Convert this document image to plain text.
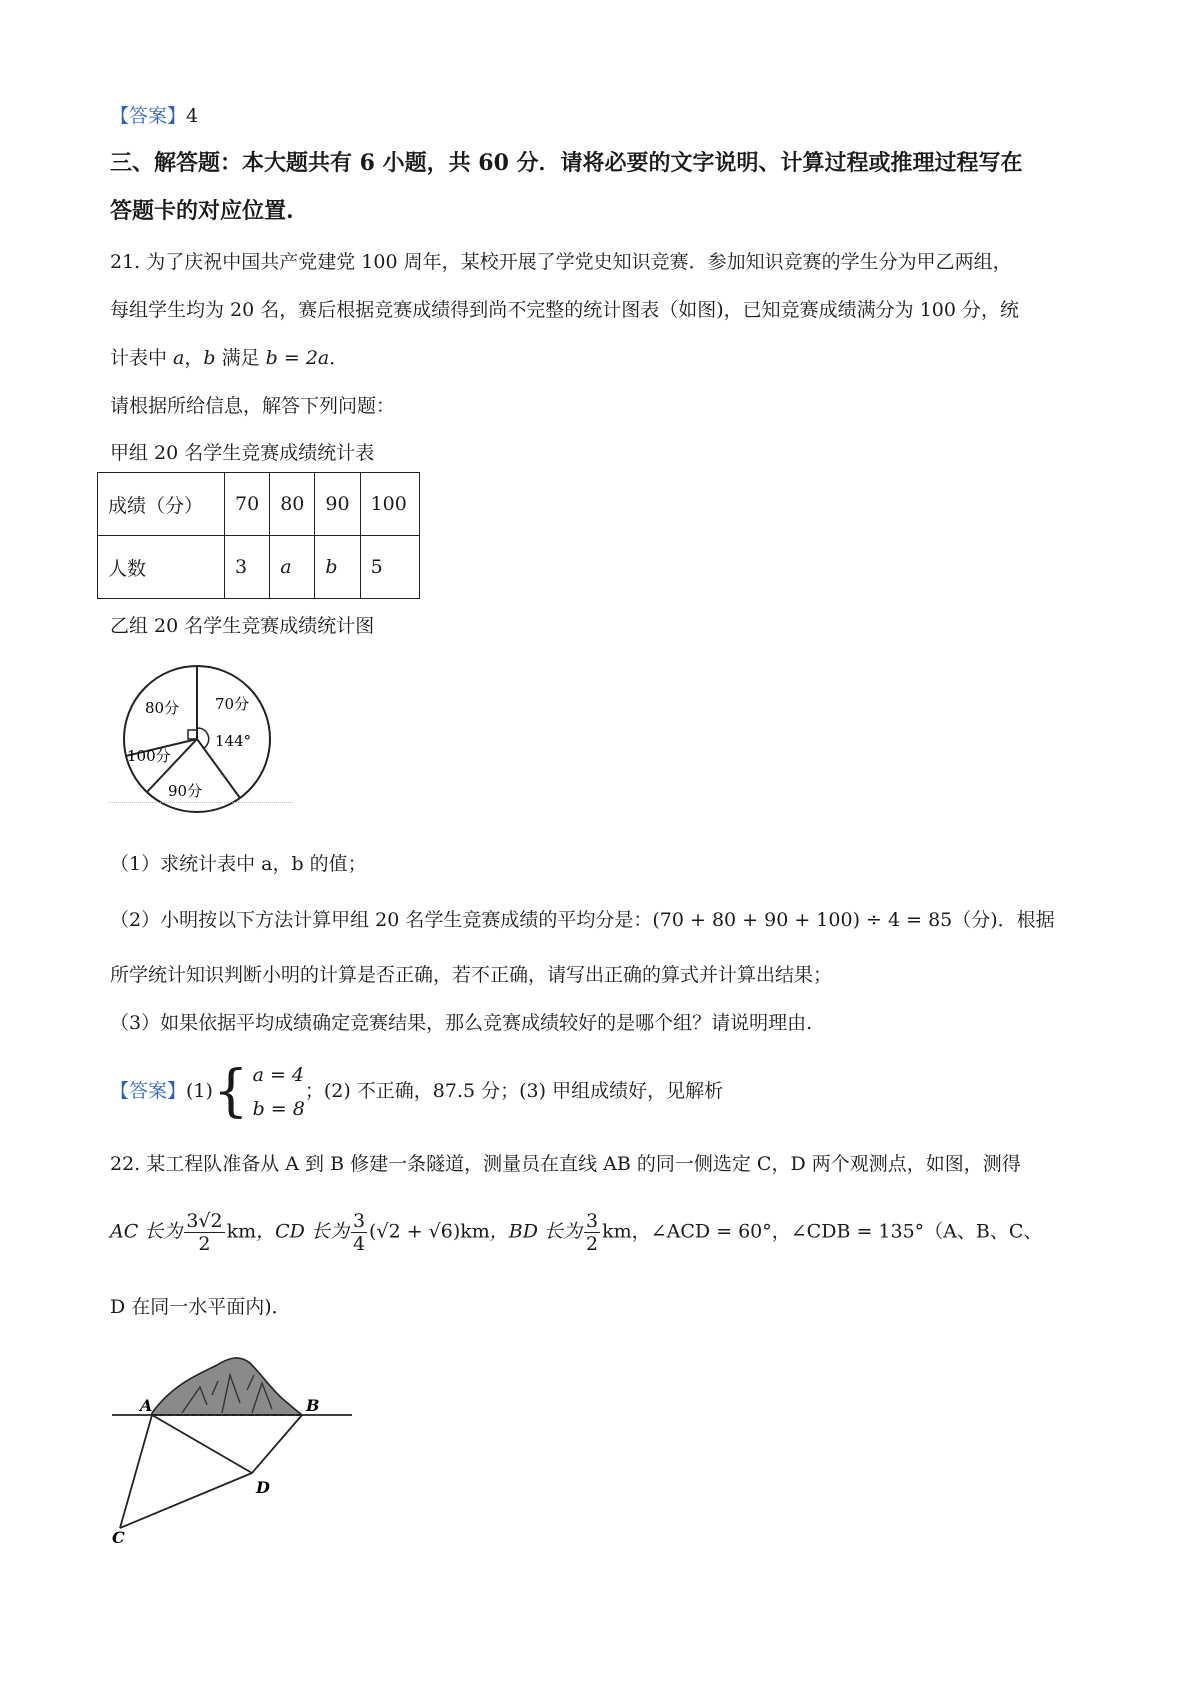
【答案】4
三、解答题：本大题共有 6 小题，共 60 分．请将必要的文字说明、计算过程或推理过程写在
答题卡的对应位置.
21. 为了庆祝中国共产党建党 100 周年，某校开展了学党史知识竞赛．参加知识竞赛的学生分为甲乙两组，
每组学生均为 20 名，赛后根据竞赛成绩得到尚不完整的统计图表（如图)，已知竞赛成绩满分为 100 分，统
计表中 a，b 满足 b = 2a．
请根据所给信息，解答下列问题：
甲组 20 名学生竞赛成绩统计表
成绩（分）	70	80	90	100
人数	3	a	b	5
乙组 20 名学生竞赛成绩统计图
80分 70分
144°
100分
90分
（1）求统计表中 a，b 的值；
（2）小明按以下方法计算甲组 20 名学生竞赛成绩的平均分是：(70 + 80 + 90 + 100) ÷ 4 = 85（分)．根据
所学统计知识判断小明的计算是否正确，若不正确，请写出正确的算式并计算出结果；
（3）如果依据平均成绩确定竞赛结果，那么竞赛成绩较好的是哪个组？请说明理由.
【答案】(1){ a = 4
b = 8
；(2) 不正确，87.5 分；(3) 甲组成绩好，见解析
22. 某工程队准备从 A 到 B 修建一条隧道，测量员在直线 AB 的同一侧选定 C，D 两个观测点，如图，测得
AC 长为 $\frac{3√2}{2}$ km，CD 长为 $\frac{3}{4} (√2 + √6)km$，BD 长为 $\frac{3}{2}$ km，∠ACD = 60°，∠CDB = 135°（A、B、C、
D 在同一水平面内)．
A	B
C
D
